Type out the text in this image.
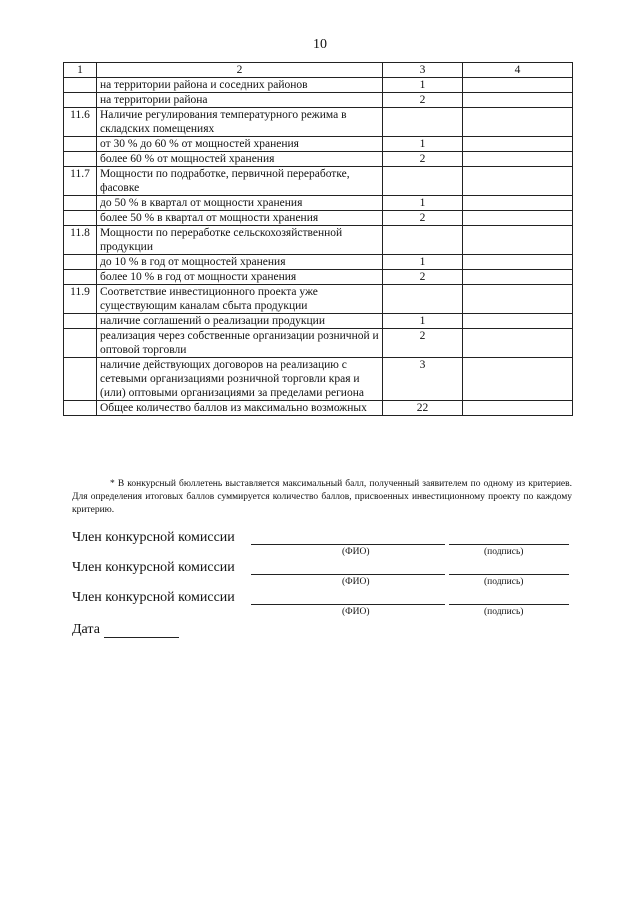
10
1	2	3	4
	на территории района и соседних районов	1	
	на территории района	2	
11.6	Наличие регулирования температурного режима в складских помещениях		
	от 30 % до 60 % от мощностей хранения	1	
	более 60 % от мощностей хранения	2	
11.7	Мощности по подработке, первичной переработке, фасовке		
	до 50 % в квартал от мощности хранения	1	
	более 50 % в квартал от мощности хранения	2	
11.8	Мощности по переработке сельскохозяйственной продукции		
	до 10 % в год от мощностей хранения	1	
	более 10 % в год от мощности хранения	2	
11.9	Соответствие инвестиционного проекта уже существующим каналам сбыта продукции		
	наличие соглашений о реализации продукции	1	
	реализация через собственные организации розничной и оптовой торговли	2	
	наличие действующих договоров на реализацию с сетевыми организациями розничной торговли края и (или) оптовыми организациями за пределами региона	3	
	Общее количество баллов из максимально возможных	22	
* В конкурсный бюллетень выставляется максимальный балл, полученный заявителем по одному из критериев. Для определения итоговых баллов суммируется количество баллов, присвоенных инвестиционному проекту по каждому критерию.
Член конкурсной комиссии
(ФИО)	(подпись)
Член конкурсной комиссии
(ФИО)	(подпись)
Член конкурсной комиссии
(ФИО)	(подпись)
Дата
